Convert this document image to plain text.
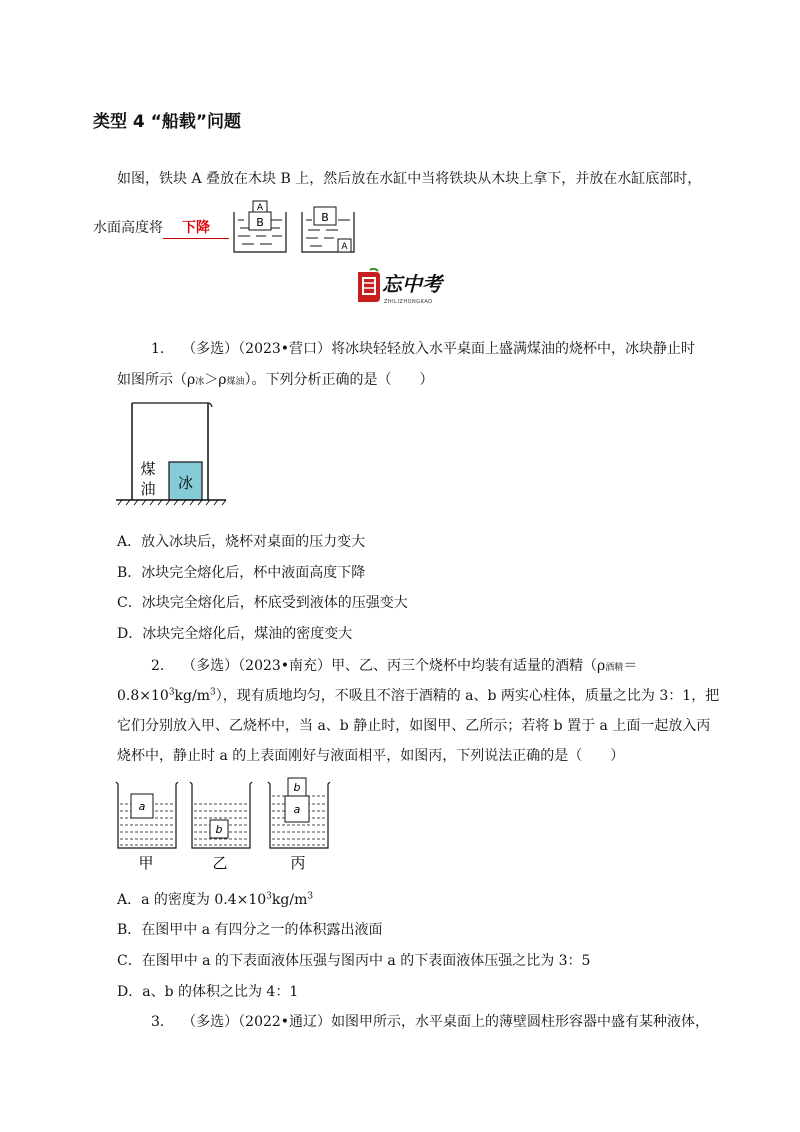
类型 4 “船载”问题
如图，铁块 A 叠放在木块 B 上，然后放在水缸中当将铁块从木块上拿下，并放在水缸底部时，
水面高度将 下降	B
A
B
A
忘中考
ZHILIZHONGKAO
1. （多选）（2023•营口）将冰块轻轻放入水平桌面上盛满煤油的烧杯中，冰块静止时
如图所示（ρ冰＞ρ煤油）。下列分析正确的是（　　）
冰
煤
油
A．放入冰块后，烧杯对桌面的压力变大
B．冰块完全熔化后，杯中液面高度下降
C．冰块完全熔化后，杯底受到液体的压强变大
D．冰块完全熔化后，煤油的密度变大
2. （多选）（2023•南充）甲、乙、丙三个烧杯中均装有适量的酒精（ρ酒精＝
$0.8\times 10^3kg/m^3$），现有质地均匀，不吸且不溶于酒精的 a、b 两实心柱体，质量之比为 3：1，把
它们分别放入甲、乙烧杯中，当 a、b 静止时，如图甲、乙所示；若将 b 置于 a 上面一起放入丙
烧杯中，静止时 a 的上表面刚好与液面相平，如图丙，下列说法正确的是（　　）
a
甲
b
乙
a
b
丙
A．a 的密度为 $0.4\times 10^3kg/m^3$
B．在图甲中 a 有四分之一的体积露出液面
C．在图甲中 a 的下表面液体压强与图丙中 a 的下表面液体压强之比为 3：5
D．a、b 的体积之比为 4：1
3. （多选）（2022•通辽）如图甲所示，水平桌面上的薄壁圆柱形容器中盛有某种液体，
